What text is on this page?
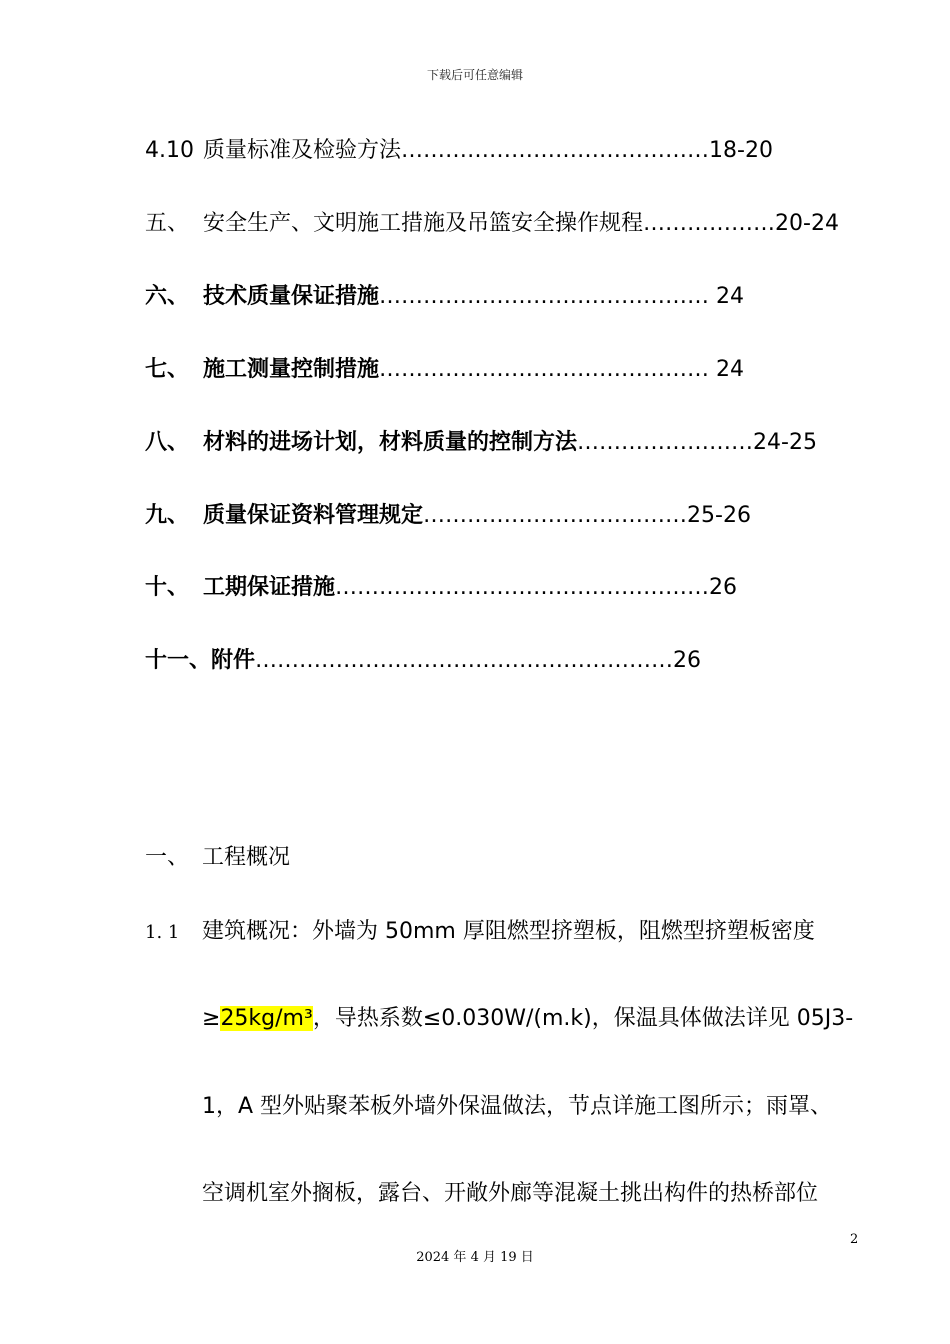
下载后可任意编辑
4.10 质量标准及检验方法……………………………………18-20
五、 安全生产、文明施工措施及吊篮安全操作规程………………20-24
六、 技术质量保证措施……………………………………… 24
七、 施工测量控制措施……………………………………… 24
八、 材料的进场计划，材料质量的控制方法……………………24-25
九、 质量保证资料管理规定………………………………25-26
十、 工期保证措施……………………………………………26
十一、附件…………………………………………………26
一、 工程概况
1. 1 建筑概况：外墙为 50mm 厚阻燃型挤塑板，阻燃型挤塑板密度
≥25kg/m³，导热系数≤0.030W/(m.k)，保温具体做法详见 05J3-
1，A 型外贴聚苯板外墙外保温做法，节点详施工图所示；雨罩、
空调机室外搁板，露台、开敞外廊等混凝土挑出构件的热桥部位
2
2024 年 4 月 19 日
